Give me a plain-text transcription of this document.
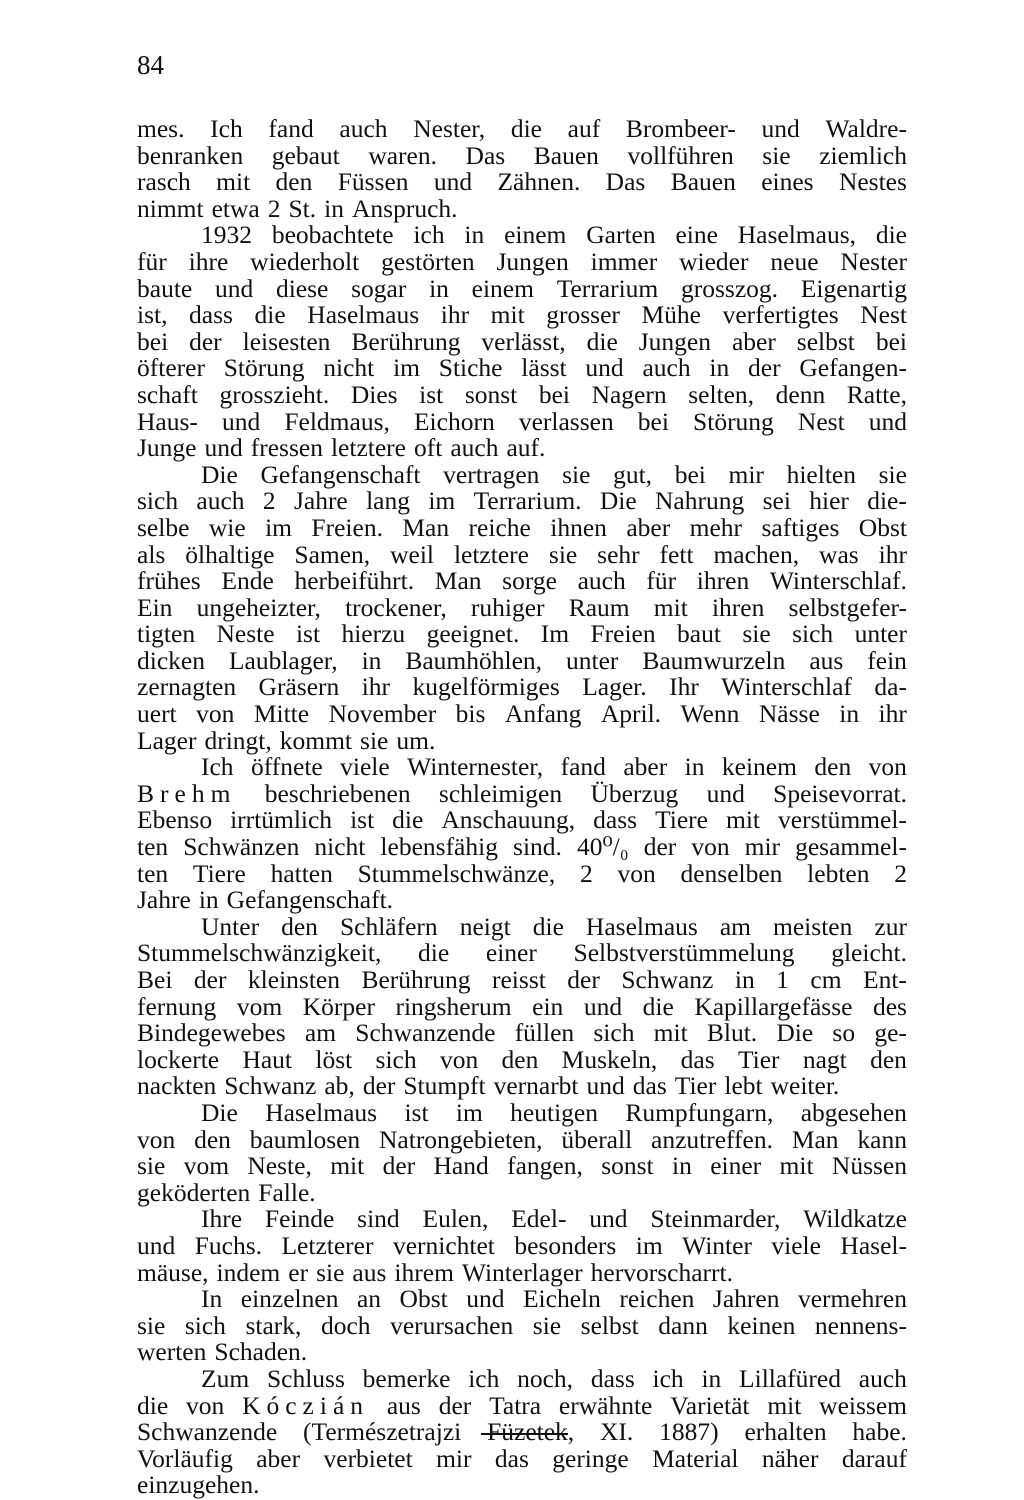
84
mes. Ich fand auch Nester, die auf Brombeer- und Waldre-
benranken gebaut waren. Das Bauen vollführen sie ziemlich
rasch mit den Füssen und Zähnen. Das Bauen eines Nestes
nimmt etwa 2 St. in Anspruch.
1932 beobachtete ich in einem Garten eine Haselmaus, die
für ihre wiederholt gestörten Jungen immer wieder neue Nester
baute und diese sogar in einem Terrarium grosszog. Eigenartig
ist, dass die Haselmaus ihr mit grosser Mühe verfertigtes Nest
bei der leisesten Berührung verlässt, die Jungen aber selbst bei
öfterer Störung nicht im Stiche lässt und auch in der Gefangen-
schaft grosszieht. Dies ist sonst bei Nagern selten, denn Ratte,
Haus- und Feldmaus, Eichorn verlassen bei Störung Nest und
Junge und fressen letztere oft auch auf.
Die Gefangenschaft vertragen sie gut, bei mir hielten sie
sich auch 2 Jahre lang im Terrarium. Die Nahrung sei hier die-
selbe wie im Freien. Man reiche ihnen aber mehr saftiges Obst
als ölhaltige Samen, weil letztere sie sehr fett machen, was ihr
frühes Ende herbeiführt. Man sorge auch für ihren Winterschlaf.
Ein ungeheizter, trockener, ruhiger Raum mit ihren selbstgefer-
tigten Neste ist hierzu geeignet. Im Freien baut sie sich unter
dicken Laublager, in Baumhöhlen, unter Baumwurzeln aus fein
zernagten Gräsern ihr kugelförmiges Lager. Ihr Winterschlaf da-
uert von Mitte November bis Anfang April. Wenn Nässe in ihr
Lager dringt, kommt sie um.
Ich öffnete viele Winternester, fand aber in keinem den von
Brehm beschriebenen schleimigen Überzug und Speisevorrat.
Ebenso irrtümlich ist die Anschauung, dass Tiere mit verstümmel-
ten Schwänzen nicht lebensfähig sind. 40⁰/₀ der von mir gesammel-
ten Tiere hatten Stummelschwänze, 2 von denselben lebten 2
Jahre in Gefangenschaft.
Unter den Schläfern neigt die Haselmaus am meisten zur
Stummelschwänzigkeit, die einer Selbstverstümmelung gleicht.
Bei der kleinsten Berührung reisst der Schwanz in 1 cm Ent-
fernung vom Körper ringsherum ein und die Kapillargefässe des
Bindegewebes am Schwanzende füllen sich mit Blut. Die so ge-
lockerte Haut löst sich von den Muskeln, das Tier nagt den
nackten Schwanz ab, der Stumpft vernarbt und das Tier lebt weiter.
Die Haselmaus ist im heutigen Rumpfungarn, abgesehen
von den baumlosen Natrongebieten, überall anzutreffen. Man kann
sie vom Neste, mit der Hand fangen, sonst in einer mit Nüssen
geköderten Falle.
Ihre Feinde sind Eulen, Edel- und Steinmarder, Wildkatze
und Fuchs. Letzterer vernichtet besonders im Winter viele Hasel-
mäuse, indem er sie aus ihrem Winterlager hervorscharrt.
In einzelnen an Obst und Eicheln reichen Jahren vermehren
sie sich stark, doch verursachen sie selbst dann keinen nennens-
werten Schaden.
Zum Schluss bemerke ich noch, dass ich in Lillafüred auch
die von Kóczián aus der Tatra erwähnte Varietät mit weissem
Schwanzende (Természetrajzi Füzetek, XI. 1887) erhalten habe.
Vorläufig aber verbietet mir das geringe Material näher darauf
einzugehen.
